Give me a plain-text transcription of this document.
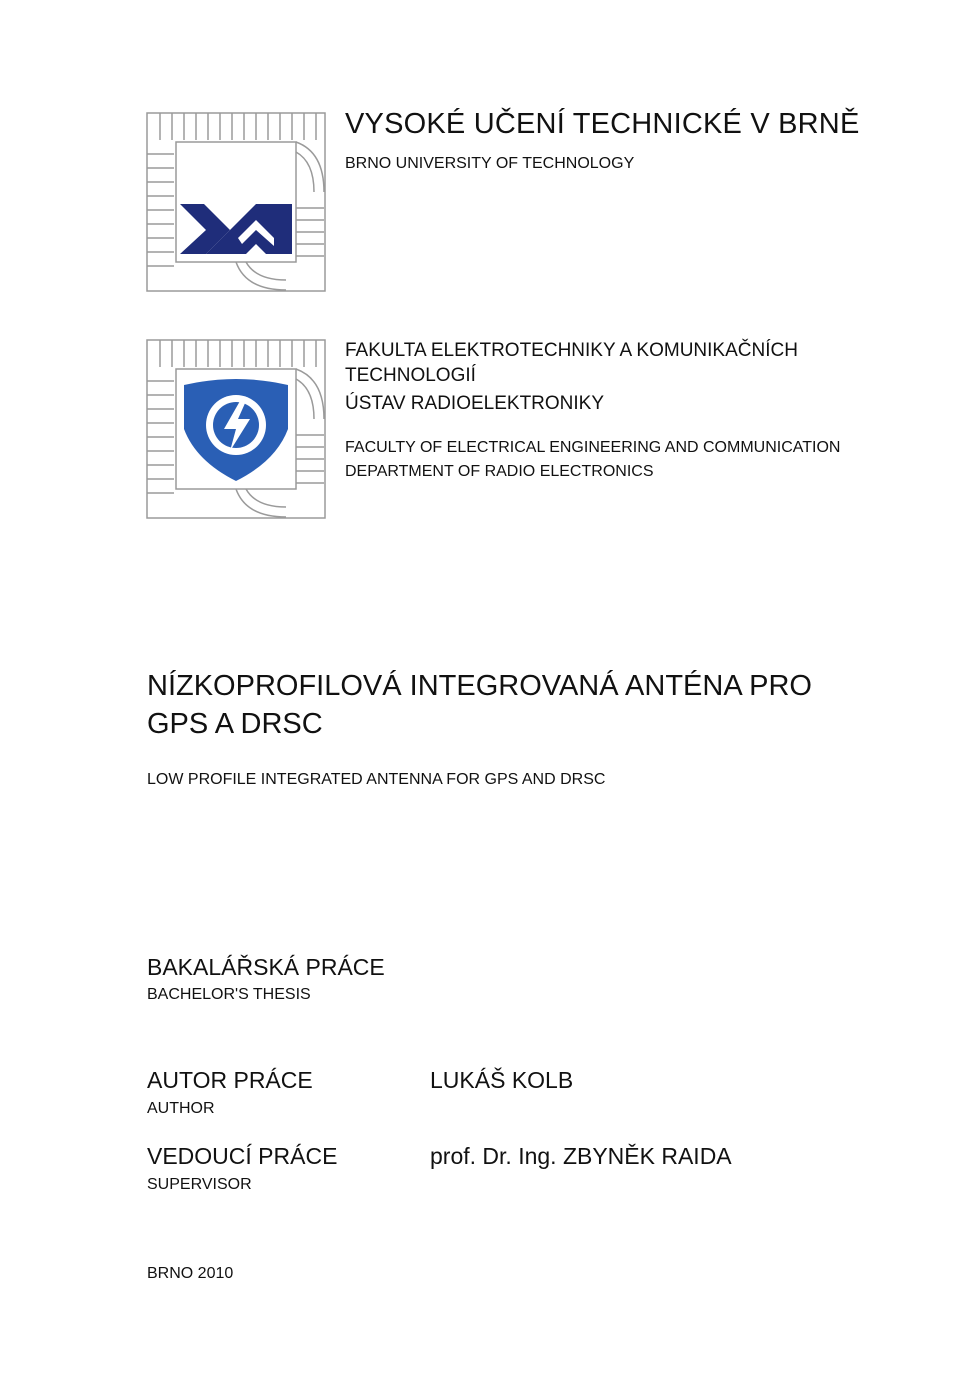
VYSOKÉ UČENÍ TECHNICKÉ V BRNĚ
BRNO UNIVERSITY OF TECHNOLOGY
FAKULTA ELEKTROTECHNIKY A KOMUNIKAČNÍCH
TECHNOLOGIÍ
ÚSTAV RADIOELEKTRONIKY
FACULTY OF ELECTRICAL ENGINEERING AND COMMUNICATION
DEPARTMENT OF RADIO ELECTRONICS
NÍZKOPROFILOVÁ INTEGROVANÁ ANTÉNA PRO
GPS A DRSC
LOW PROFILE INTEGRATED ANTENNA FOR GPS AND DRSC
BAKALÁŘSKÁ PRÁCE
BACHELOR'S THESIS
AUTOR PRÁCE
AUTHOR
LUKÁŠ KOLB
VEDOUCÍ PRÁCE
SUPERVISOR
prof. Dr. Ing. ZBYNĚK RAIDA
BRNO 2010
